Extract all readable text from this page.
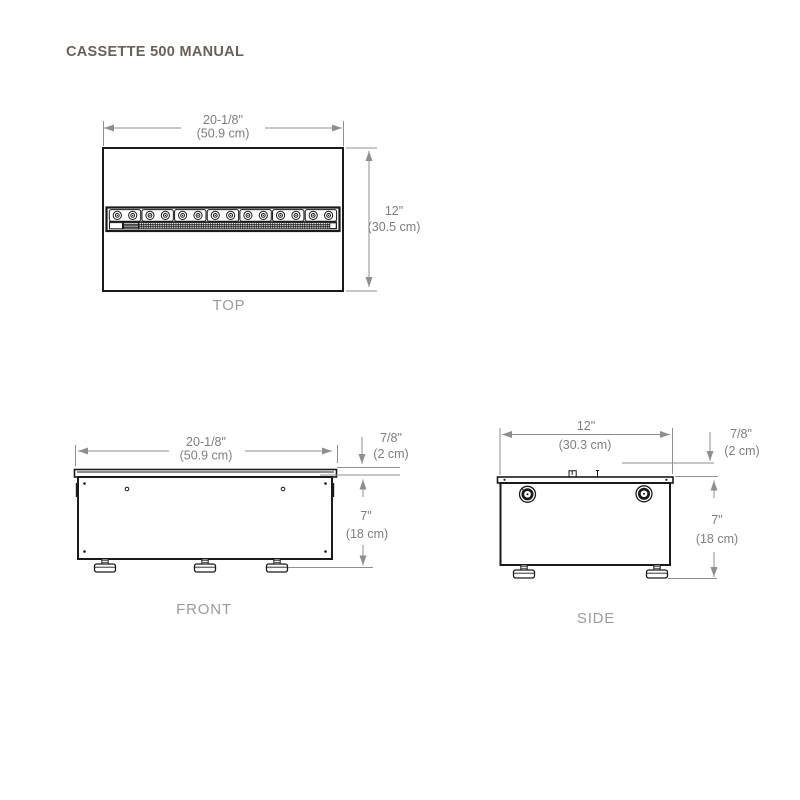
CASSETTE 500 MANUAL
20-1/8"
(50.9 cm)
12"
(30.5 cm)
TOP
20-1/8"
(50.9 cm)
7/8"
(2 cm)
7"
(18 cm)
FRONT
12"
(30.3 cm)
7/8"
(2 cm)
7"
(18 cm)
SIDE
